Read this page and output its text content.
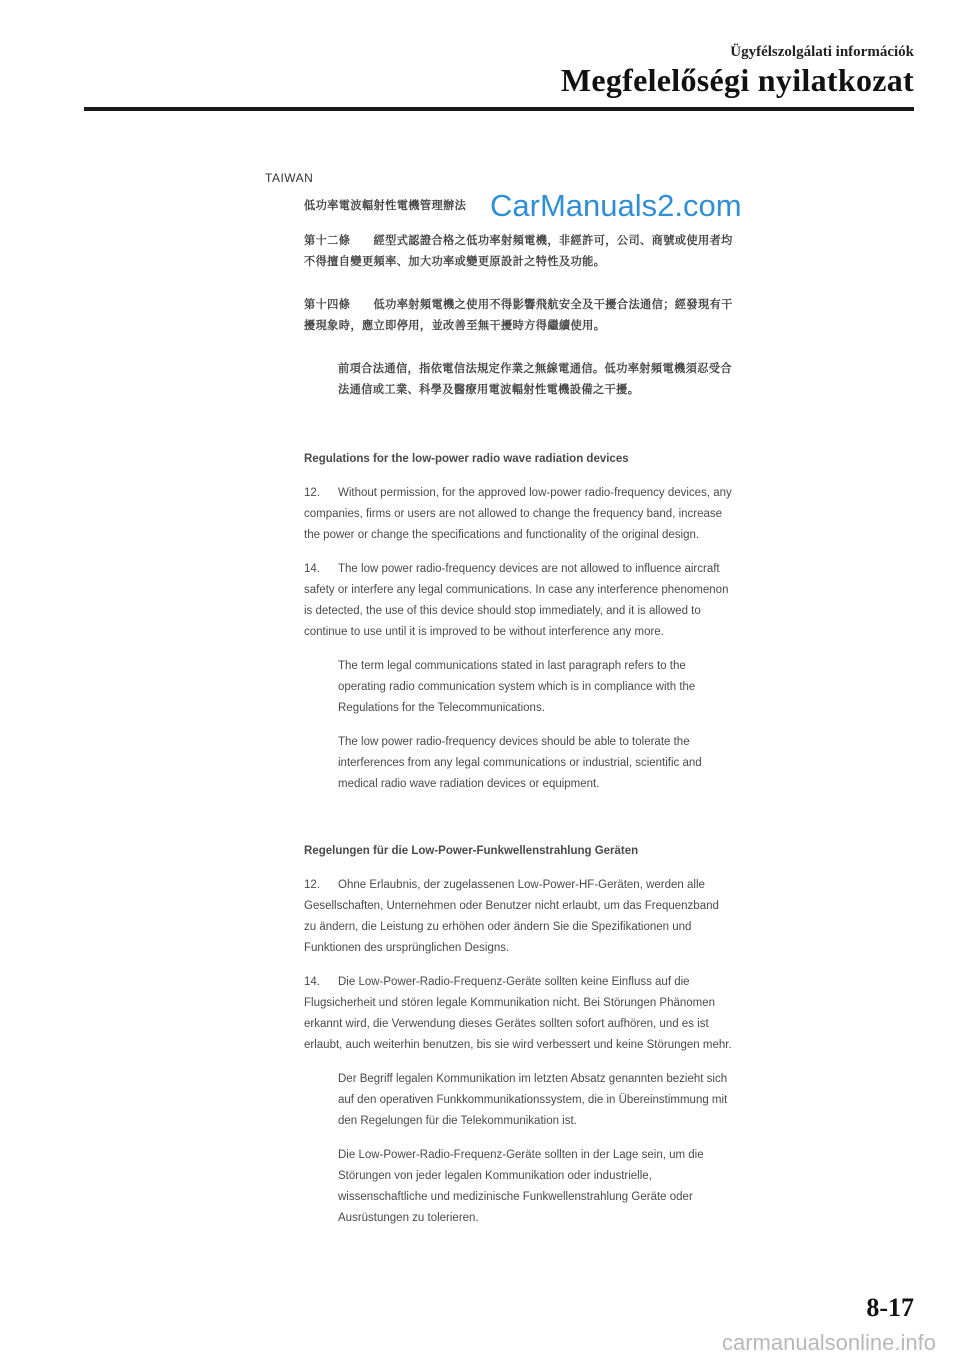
Ügyfélszolgálati információk
Megfelelőségi nyilatkozat
TAIWAN

低功率電波輻射性電機管理辦法

第十二條　　經型式認證合格之低功率射頻電機，非經許可，公司、商號或使用者均不得擅自變更頻率、加大功率或變更原設計之特性及功能。

第十四條　　低功率射頻電機之使用不得影響飛航安全及干擾合法通信；經發現有干擾現象時，應立即停用，並改善至無干擾時方得繼續使用。

前項合法通信，指依電信法規定作業之無線電通信。低功率射頻電機須忍受合法通信或工業、科學及醫療用電波輻射性電機設備之干擾。

Regulations for the low-power radio wave radiation devices

12. Without permission, for the approved low-power radio-frequency devices, any companies, firms or users are not allowed to change the frequency band, increase the power or change the specifications and functionality of the original design.

14. The low power radio-frequency devices are not allowed to influence aircraft safety or interfere any legal communications. In case any interference phenomenon is detected, the use of this device should stop immediately, and it is allowed to continue to use until it is improved to be without interference any more.

The term legal communications stated in last paragraph refers to the operating radio communication system which is in compliance with the Regulations for the Telecommunications.

The low power radio-frequency devices should be able to tolerate the interferences from any legal communications or industrial, scientific and medical radio wave radiation devices or equipment.

Regelungen für die Low-Power-Funkwellenstrahlung Geräten

12. Ohne Erlaubnis, der zugelassenen Low-Power-HF-Geräten, werden alle Gesellschaften, Unternehmen oder Benutzer nicht erlaubt, um das Frequenzband zu ändern, die Leistung zu erhöhen oder ändern Sie die Spezifikationen und Funktionen des ursprünglichen Designs.

14. Die Low-Power-Radio-Frequenz-Geräte sollten keine Einfluss auf die Flugsicherheit und stören legale Kommunikation nicht. Bei Störungen Phänomen erkannt wird, die Verwendung dieses Gerätes sollten sofort aufhören, und es ist erlaubt, auch weiterhin benutzen, bis sie wird verbessert und keine Störungen mehr.

Der Begriff legalen Kommunikation im letzten Absatz genannten bezieht sich auf den operativen Funkkommunikationssystem, die in Übereinstimmung mit den Regelungen für die Telekommunikation ist.

Die Low-Power-Radio-Frequenz-Geräte sollten in der Lage sein, um die Störungen von jeder legalen Kommunikation oder industrielle, wissenschaftliche und medizinische Funkwellenstrahlung Geräte oder Ausrüstungen zu tolerieren.

CarManuals2.com
8-17
carmanualsonline.info
